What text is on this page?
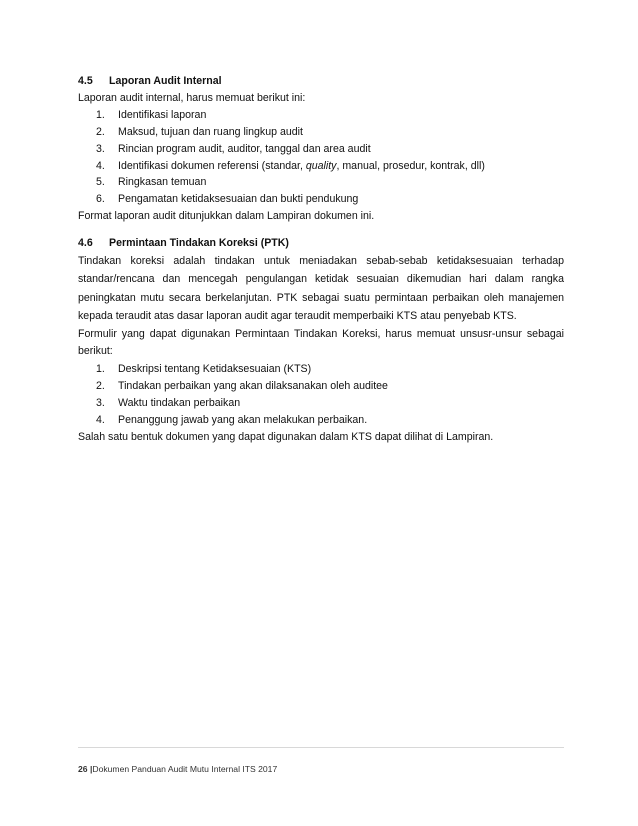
4.5 Laporan Audit Internal

Laporan audit internal, harus memuat berikut ini:

1. Identifikasi laporan
2. Maksud, tujuan dan ruang lingkup audit
3. Rincian program audit, auditor, tanggal dan area audit
4. Identifikasi dokumen referensi (standar, quality, manual, prosedur, kontrak, dll)
5. Ringkasan temuan
6. Pengamatan ketidaksesuaian dan bukti pendukung

Format laporan audit ditunjukkan dalam Lampiran dokumen ini.

4.6 Permintaan Tindakan Koreksi (PTK)

Tindakan koreksi adalah tindakan untuk meniadakan sebab-sebab ketidaksesuaian terhadap standar/rencana dan mencegah pengulangan ketidak sesuaian dikemudian hari dalam rangka peningkatan mutu secara berkelanjutan. PTK sebagai suatu permintaan perbaikan oleh manajemen kepada teraudit atas dasar laporan audit agar teraudit memperbaiki KTS atau penyebab KTS.

Formulir yang dapat digunakan Permintaan Tindakan Koreksi, harus memuat unsusr-unsur sebagai berikut:

1. Deskripsi tentang Ketidaksesuaian (KTS)
2. Tindakan perbaikan yang akan dilaksanakan oleh auditee
3. Waktu tindakan perbaikan
4. Penanggung jawab yang akan melakukan perbaikan.

Salah satu bentuk dokumen yang dapat digunakan dalam KTS dapat dilihat di Lampiran.

26 |Dokumen Panduan Audit Mutu Internal ITS 2017
